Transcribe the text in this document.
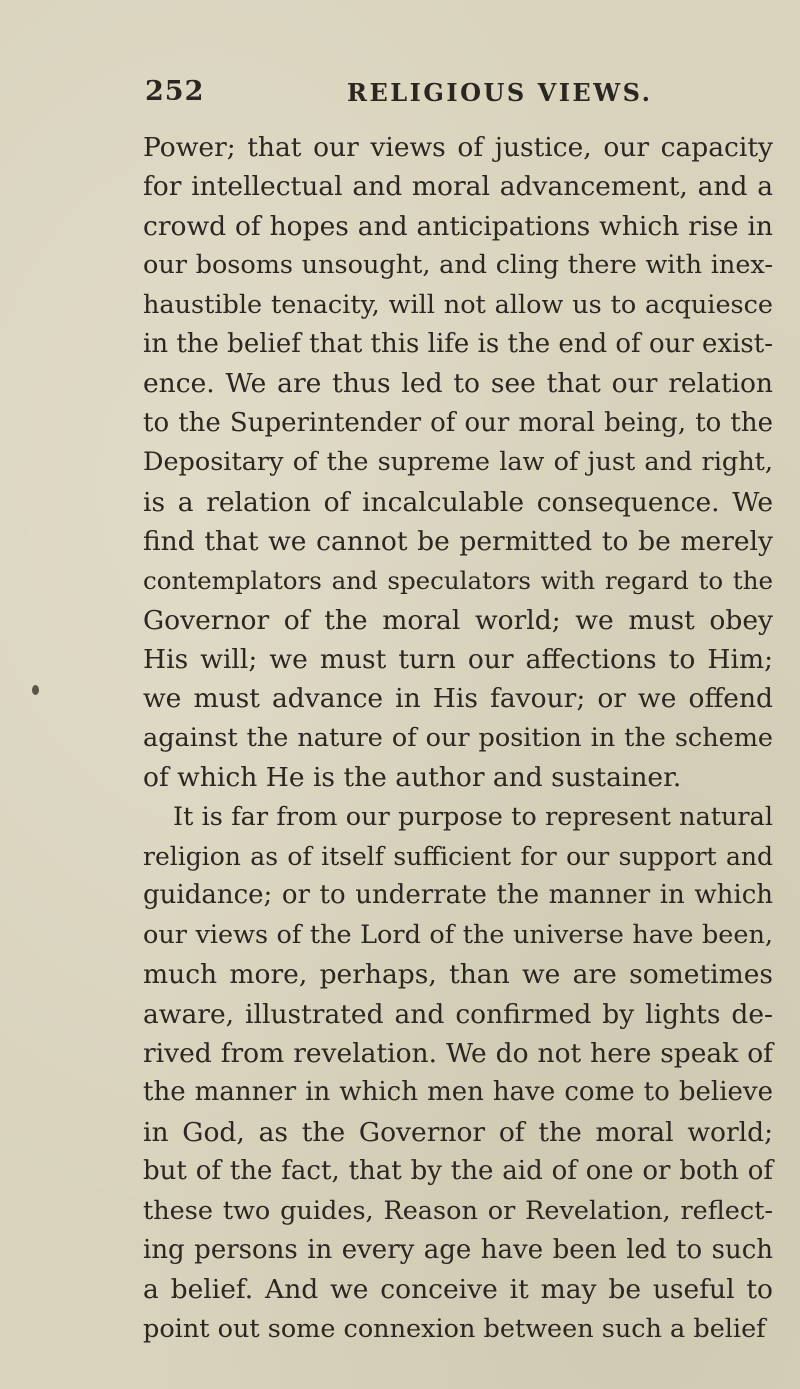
252	RELIGIOUS VIEWS.
Power; that our views of justice, our capacity
for intellectual and moral advancement, and a
crowd of hopes and anticipations which rise in
our bosoms unsought, and cling there with inex-
haustible tenacity, will not allow us to acquiesce
in the belief that this life is the end of our exist-
ence. We are thus led to see that our relation
to the Superintender of our moral being, to the
Depositary of the supreme law of just and right,
is a relation of incalculable consequence. We
find that we cannot be permitted to be merely
contemplators and speculators with regard to the
Governor of the moral world; we must obey
His will; we must turn our affections to Him;
we must advance in His favour; or we offend
against the nature of our position in the scheme
of which He is the author and sustainer.
It is far from our purpose to represent natural
religion as of itself sufficient for our support and
guidance; or to underrate the manner in which
our views of the Lord of the universe have been,
much more, perhaps, than we are sometimes
aware, illustrated and confirmed by lights de-
rived from revelation. We do not here speak of
the manner in which men have come to believe
in God, as the Governor of the moral world;
but of the fact, that by the aid of one or both of
these two guides, Reason or Revelation, reflect-
ing persons in every age have been led to such
a belief. And we conceive it may be useful to
point out some connexion between such a belief
